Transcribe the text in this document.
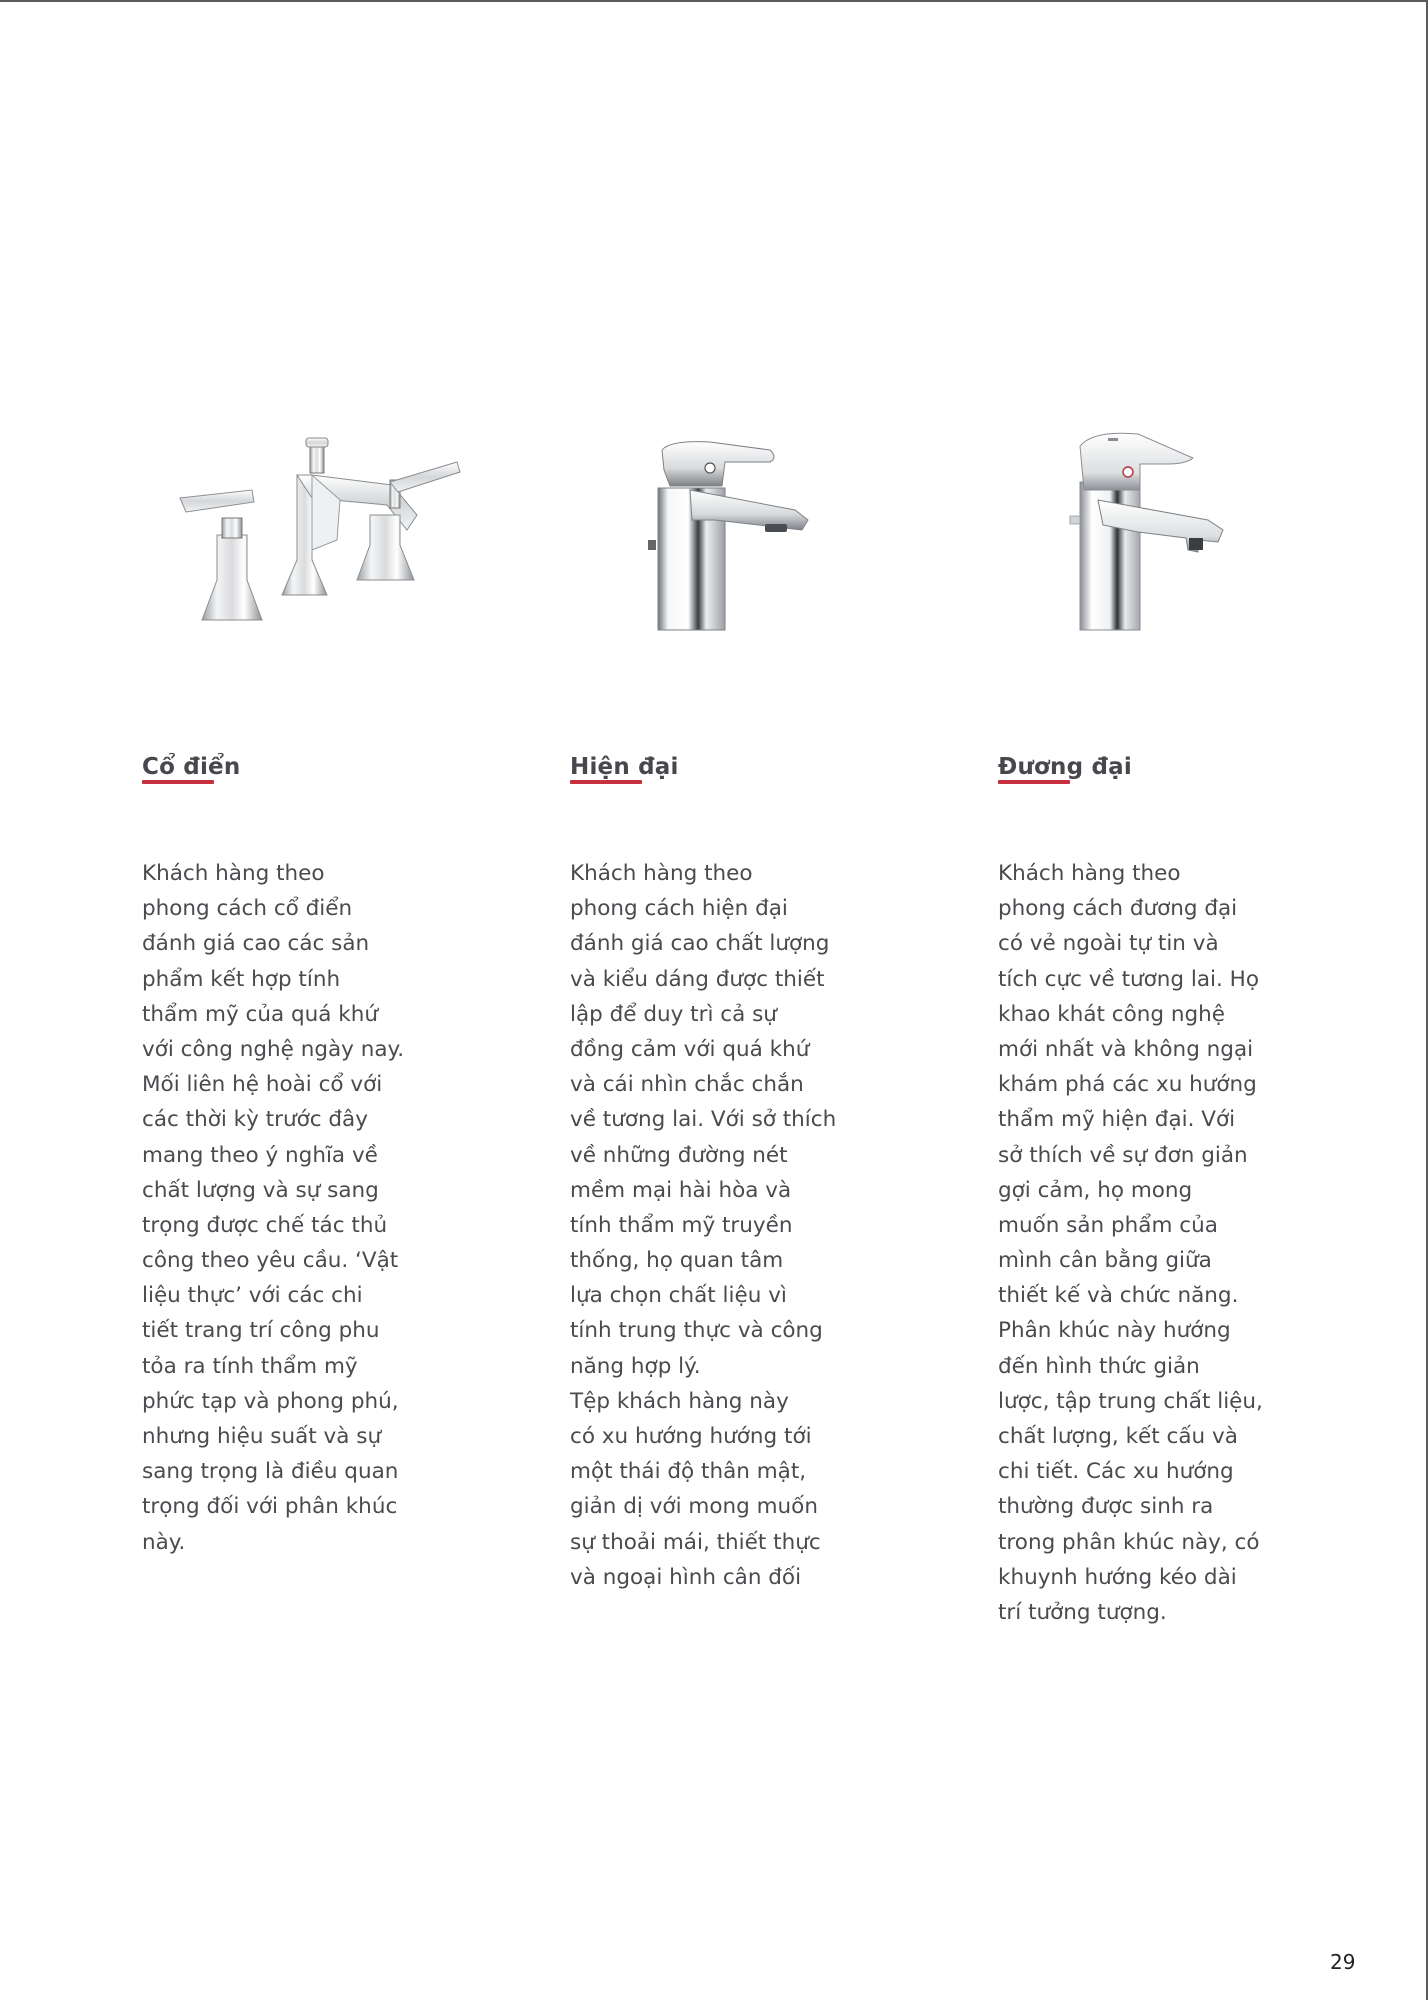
Cổ điển
Khách hàng theo
phong cách cổ điển
đánh giá cao các sản
phẩm kết hợp tính
thẩm mỹ của quá khứ
với công nghệ ngày nay.
Mối liên hệ hoài cổ với
các thời kỳ trước đây
mang theo ý nghĩa về
chất lượng và sự sang
trọng được chế tác thủ
công theo yêu cầu. ‘Vật
liệu thực’ với các chi
tiết trang trí công phu
tỏa ra tính thẩm mỹ
phức tạp và phong phú,
nhưng hiệu suất và sự
sang trọng là điều quan
trọng đối với phân khúc
này.
Hiện đại
Khách hàng theo
phong cách hiện đại
đánh giá cao chất lượng
và kiểu dáng được thiết
lập để duy trì cả sự
đồng cảm với quá khứ
và cái nhìn chắc chắn
về tương lai. Với sở thích
về những đường nét
mềm mại hài hòa và
tính thẩm mỹ truyền
thống, họ quan tâm
lựa chọn chất liệu vì
tính trung thực và công
năng hợp lý.
Tệp khách hàng này
có xu hướng hướng tới
một thái độ thân mật,
giản dị với mong muốn
sự thoải mái, thiết thực
và ngoại hình cân đối
Đương đại
Khách hàng theo
phong cách đương đại
có vẻ ngoài tự tin và
tích cực về tương lai. Họ
khao khát công nghệ
mới nhất và không ngại
khám phá các xu hướng
thẩm mỹ hiện đại. Với
sở thích về sự đơn giản
gợi cảm, họ mong
muốn sản phẩm của
mình cân bằng giữa
thiết kế và chức năng.
Phân khúc này hướng
đến hình thức giản
lược, tập trung chất liệu,
chất lượng, kết cấu và
chi tiết. Các xu hướng
thường được sinh ra
trong phân khúc này, có
khuynh hướng kéo dài
trí tưởng tượng.
29
